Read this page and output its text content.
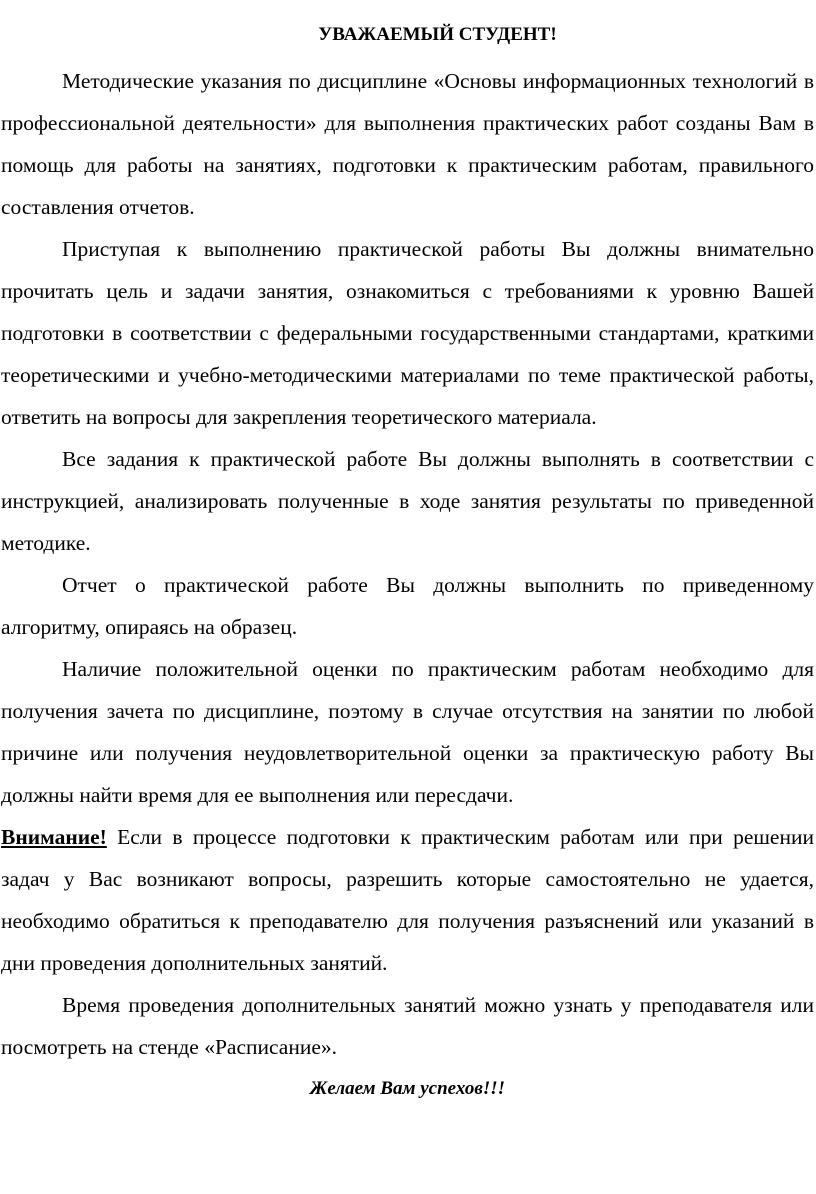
УВАЖАЕМЫЙ СТУДЕНТ!

Методические указания по дисциплине «Основы информационных технологий в профессиональной деятельности» для выполнения практических работ созданы Вам в помощь для работы на занятиях, подготовки к практическим работам, правильного составления отчетов.

Приступая к выполнению практической работы Вы должны внимательно прочитать цель и задачи занятия, ознакомиться с требованиями к уровню Вашей подготовки в соответствии с федеральными государственными стандартами, краткими теоретическими и учебно-методическими материалами по теме практической работы, ответить на вопросы для закрепления теоретического материала.

Все задания к практической работе Вы должны выполнять в соответствии с инструкцией, анализировать полученные в ходе занятия результаты по приведенной методике.

Отчет о практической работе Вы должны выполнить по приведенному алгоритму, опираясь на образец.

Наличие положительной оценки по практическим работам необходимо для получения зачета по дисциплине, поэтому в случае отсутствия на занятии по любой причине или получения неудовлетворительной оценки за практическую работу Вы должны найти время для ее выполнения или пересдачи.

Внимание! Если в процессе подготовки к практическим работам или при решении задач у Вас возникают вопросы, разрешить которые самостоятельно не удается, необходимо обратиться к преподавателю для получения разъяснений или указаний в дни проведения дополнительных занятий.

Время проведения дополнительных занятий можно узнать у преподавателя или посмотреть на стенде «Расписание».

Желаем Вам успехов!!!
